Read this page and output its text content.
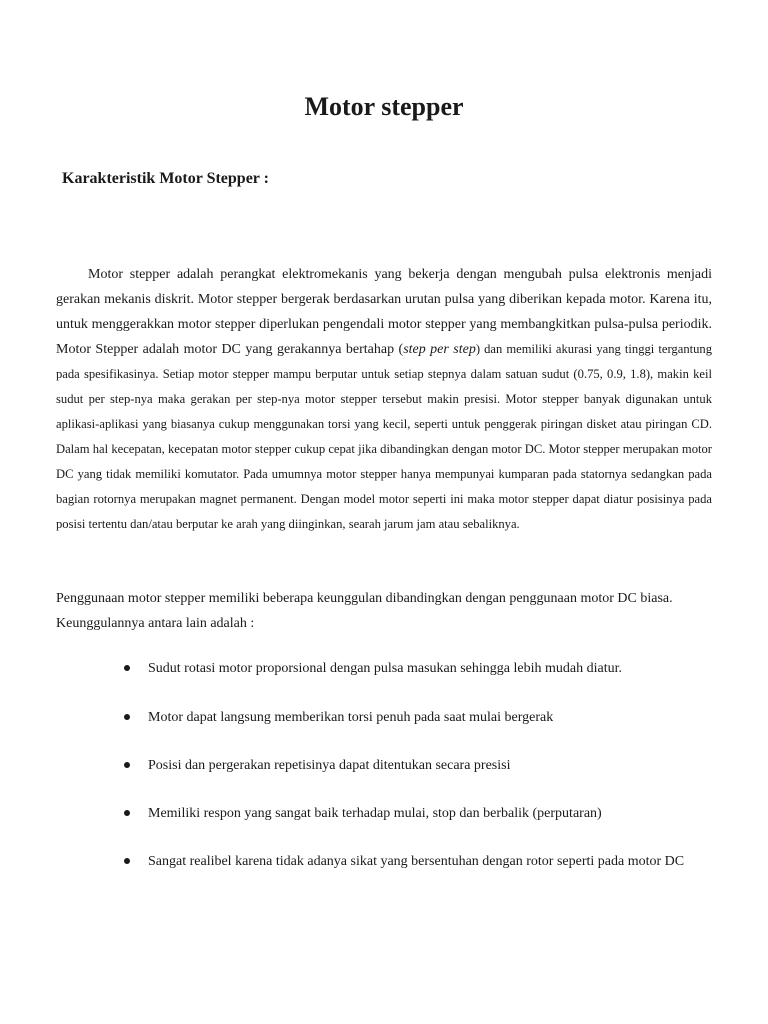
Motor stepper
Karakteristik Motor Stepper :

Motor stepper adalah perangkat elektromekanis yang bekerja dengan mengubah pulsa elektronis menjadi gerakan mekanis diskrit. Motor stepper bergerak berdasarkan urutan pulsa yang diberikan kepada motor. Karena itu, untuk menggerakkan motor stepper diperlukan pengendali motor stepper yang membangkitkan pulsa-pulsa periodik. Motor Stepper adalah motor DC yang gerakannya bertahap (step per step) dan memiliki akurasi yang tinggi tergantung pada spesifikasinya. Setiap motor stepper mampu berputar untuk setiap stepnya dalam satuan sudut (0.75, 0.9, 1.8), makin keil sudut per step-nya maka gerakan per step-nya motor stepper tersebut makin presisi. Motor stepper banyak digunakan untuk aplikasi-aplikasi yang biasanya cukup menggunakan torsi yang kecil, seperti untuk penggerak piringan disket atau piringan CD. Dalam hal kecepatan, kecepatan motor stepper cukup cepat jika dibandingkan dengan motor DC. Motor stepper merupakan motor DC yang tidak memiliki komutator. Pada umumnya motor stepper hanya mempunyai kumparan pada statornya sedangkan pada bagian rotornya merupakan magnet permanent. Dengan model motor seperti ini maka motor stepper dapat diatur posisinya pada posisi tertentu dan/atau berputar ke arah yang diinginkan, searah jarum jam atau sebaliknya.

Penggunaan motor stepper memiliki beberapa keunggulan dibandingkan dengan penggunaan motor DC biasa. Keunggulannya antara lain adalah :

Sudut rotasi motor proporsional dengan pulsa masukan sehingga lebih mudah diatur.
Motor dapat langsung memberikan torsi penuh pada saat mulai bergerak
Posisi dan pergerakan repetisinya dapat ditentukan secara presisi
Memiliki respon yang sangat baik terhadap mulai, stop dan berbalik (perputaran)
Sangat realibel karena tidak adanya sikat yang bersentuhan dengan rotor seperti pada motor DC
